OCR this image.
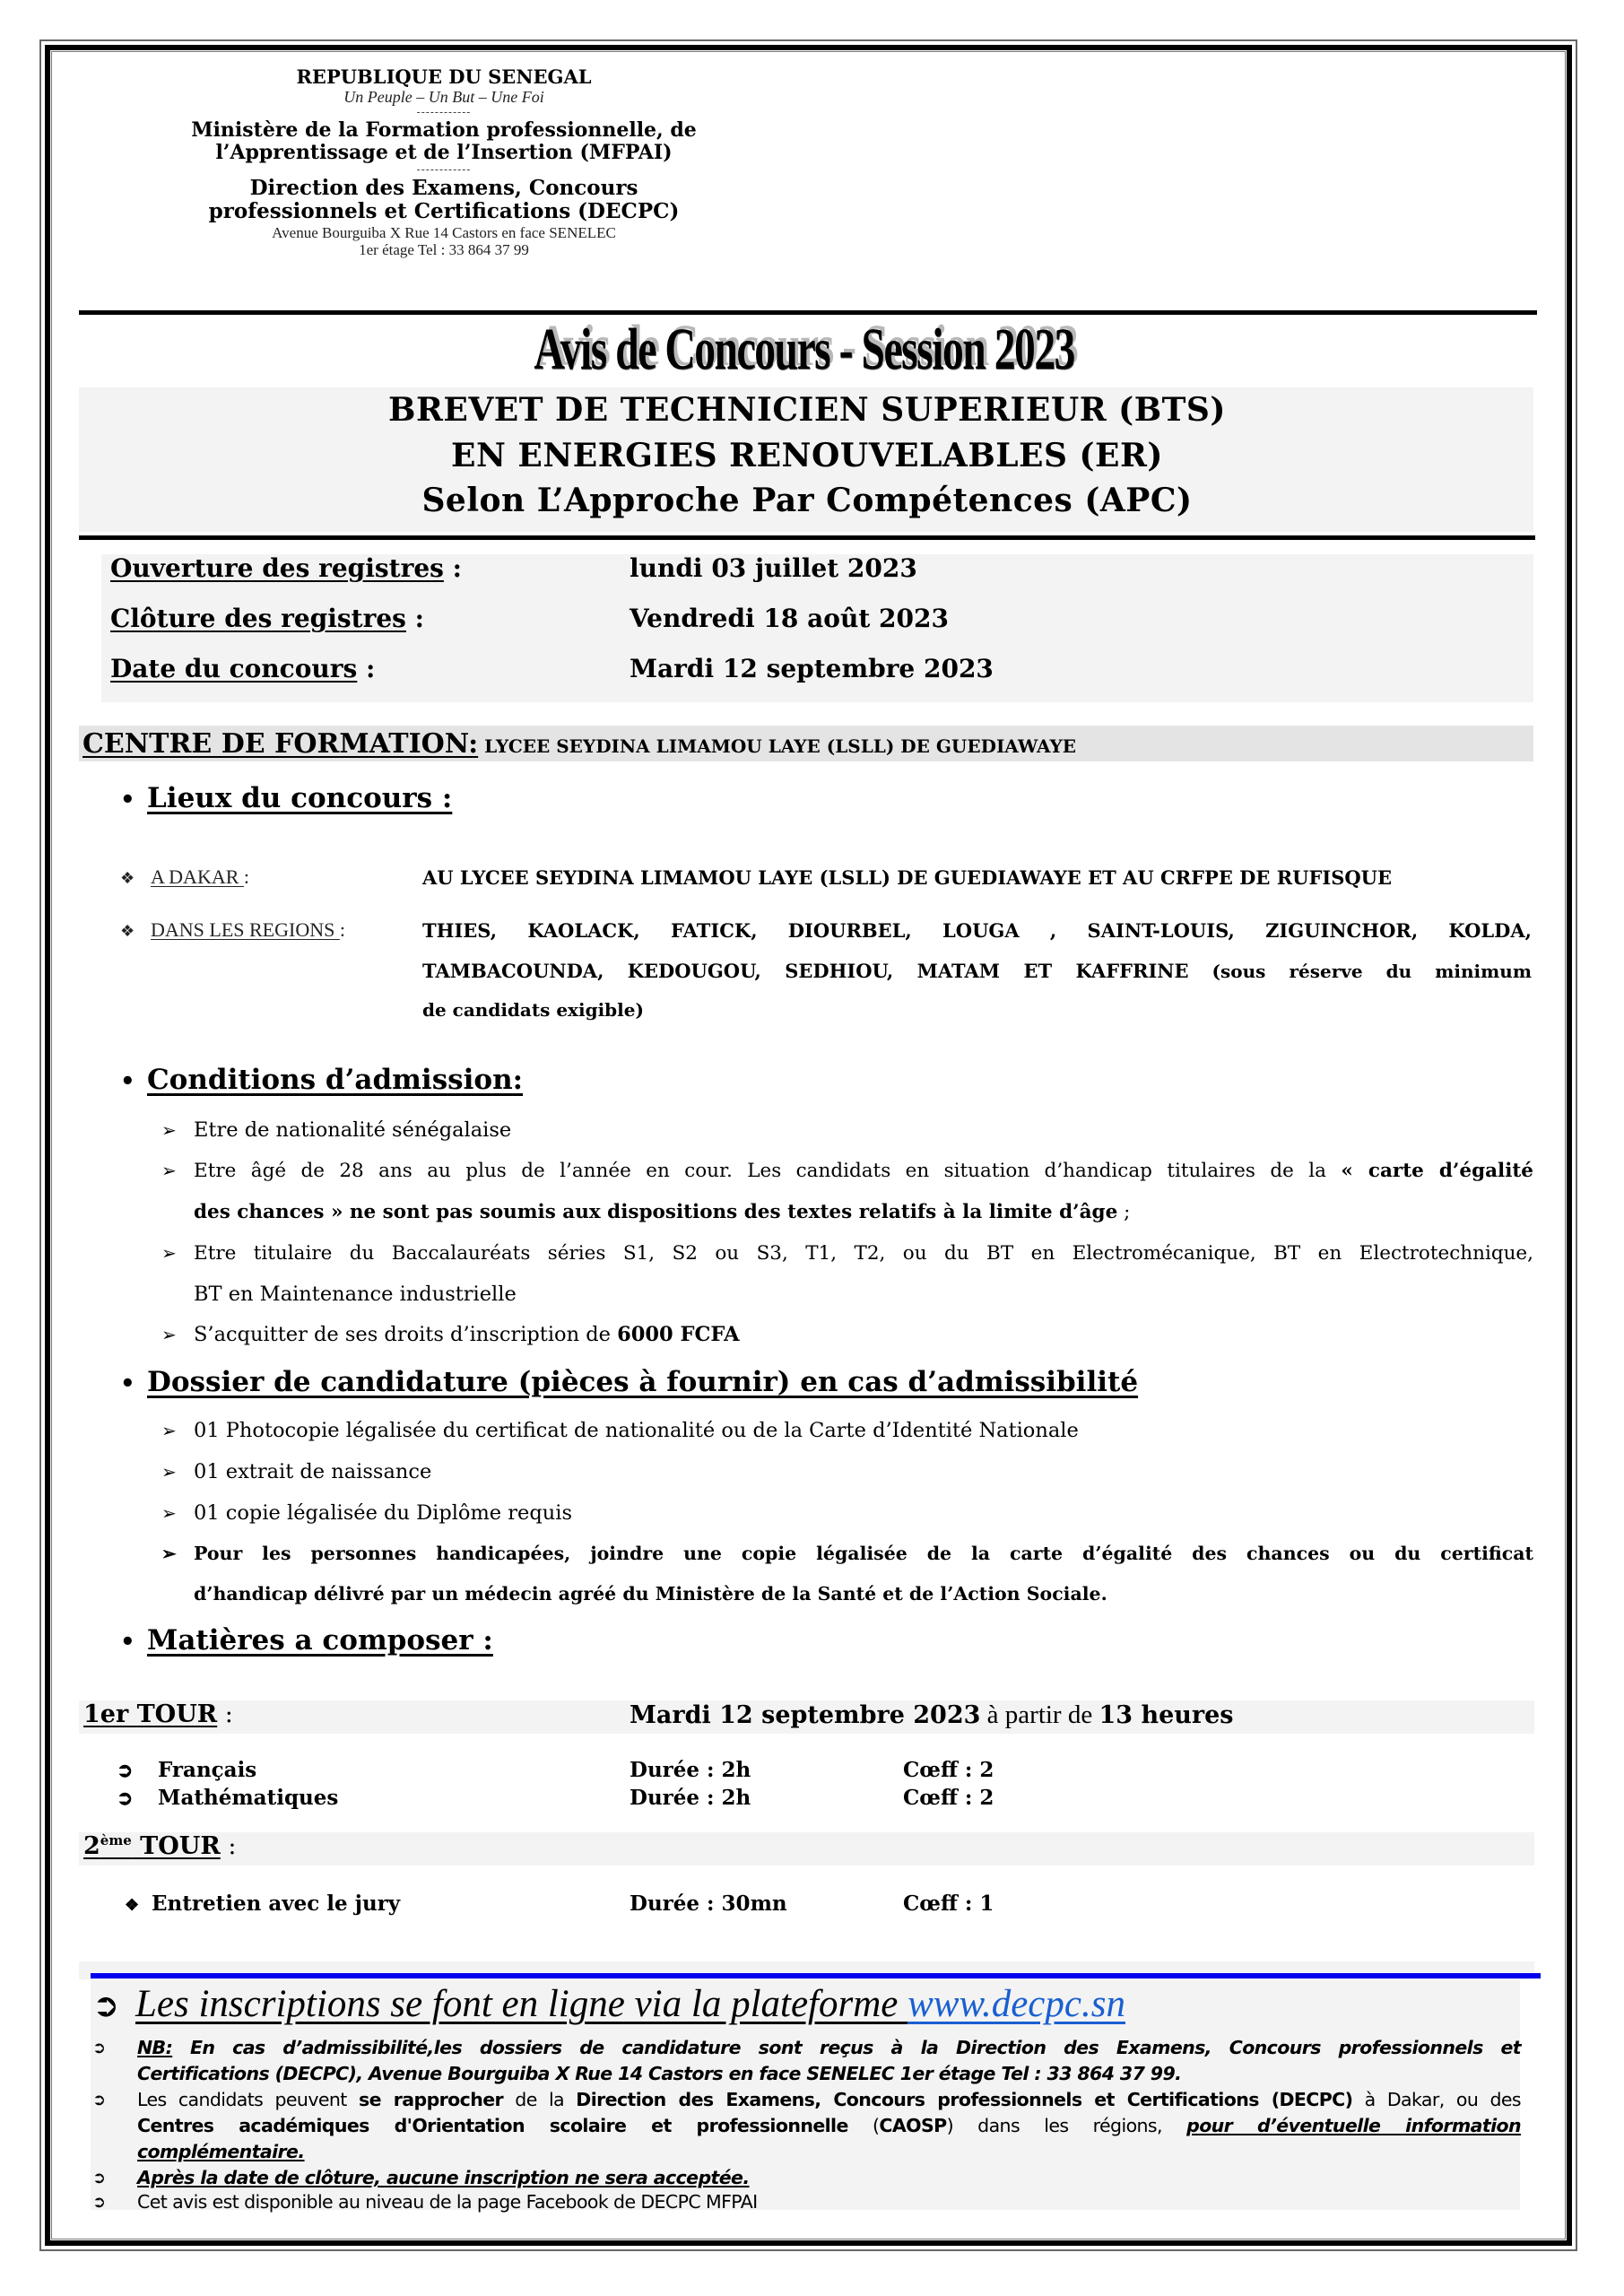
REPUBLIQUE DU SENEGAL
Un Peuple – Un But – Une Foi
------------
Ministère de la Formation professionnelle, de
l’Apprentissage et de l’Insertion (MFPAI)
------------
Direction des Examens, Concours
professionnels et Certifications (DECPC)
Avenue Bourguiba X Rue 14 Castors en face SENELEC
1er étage Tel : 33 864 37 99
Avis de Concours - Session 2023
BREVET DE TECHNICIEN SUPERIEUR (BTS)
EN ENERGIES RENOUVELABLES (ER)
Selon L’Approche Par Compétences (APC)
Ouverture des registres :	lundi 03 juillet 2023
Clôture des registres :	Vendredi 18 août 2023
Date du concours :	Mardi 12 septembre 2023
CENTRE DE FORMATION: LYCEE SEYDINA LIMAMOU LAYE (LSLL) DE GUEDIAWAYE
• Lieux du concours :
❖ A DAKAR :	AU LYCEE SEYDINA LIMAMOU LAYE (LSLL) DE GUEDIAWAYE ET AU CRFPE DE RUFISQUE
❖ DANS LES REGIONS :	THIES, KAOLACK, FATICK, DIOURBEL, LOUGA , SAINT-LOUIS, ZIGUINCHOR, KOLDA,
TAMBACOUNDA, KEDOUGOU, SEDHIOU, MATAM ET KAFFRINE (sous réserve du minimum
de candidats exigible)
• Conditions d’admission:
➢ Etre de nationalité sénégalaise
➢ Etre âgé de 28 ans au plus de l’année en cour. Les candidats en situation d’handicap titulaires de la « carte d’égalité
des chances » ne sont pas soumis aux dispositions des textes relatifs à la limite d’âge ;
➢ Etre titulaire du Baccalauréats séries S1, S2 ou S3, T1, T2, ou du BT en Electromécanique, BT en Electrotechnique,
BT en Maintenance industrielle
➢ S’acquitter de ses droits d’inscription de 6000 FCFA
• Dossier de candidature (pièces à fournir) en cas d’admissibilité
➢ 01 Photocopie légalisée du certificat de nationalité ou de la Carte d’Identité Nationale
➢ 01 extrait de naissance
➢ 01 copie légalisée du Diplôme requis
➢ Pour les personnes handicapées, joindre une copie légalisée de la carte d’égalité des chances ou du certificat
d’handicap délivré par un médecin agréé du Ministère de la Santé et de l’Action Sociale.
• Matières a composer :
1er TOUR :	Mardi 12 septembre 2023 à partir de 13 heures
➲ Français	Durée : 2h	Cœff : 2
➲ Mathématiques	Durée : 2h	Cœff : 2
2ème TOUR :
❖ Entretien avec le jury	Durée : 30mn	Cœff : 1
➲ Les inscriptions se font en ligne via la plateforme www.decpc.sn
➲ NB: En cas d’admissibilité,les dossiers de candidature sont reçus à la Direction des Examens, Concours professionnels et
Certifications (DECPC), Avenue Bourguiba X Rue 14 Castors en face SENELEC 1er étage Tel : 33 864 37 99.
➲ Les candidats peuvent se rapprocher de la Direction des Examens, Concours professionnels et Certifications (DECPC) à Dakar, ou des
Centres académiques d'Orientation scolaire et professionnelle (CAOSP) dans les régions, pour d’éventuelle information
complémentaire.
➲ Après la date de clôture, aucune inscription ne sera acceptée.
➲ Cet avis est disponible au niveau de la page Facebook de DECPC MFPAI
